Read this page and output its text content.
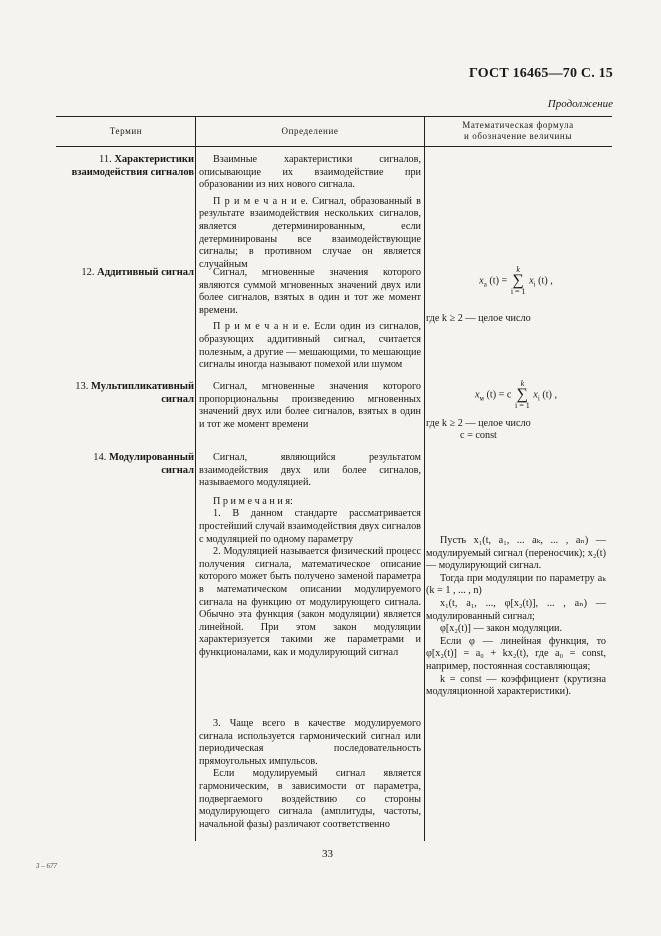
ГОСТ 16465—70 С. 15
Продолжение
Термин	Определение
Математическая формула
и обозначение величины
11. Характеристики взаимодействия сигналов

Взаимные характеристики сигналов, описывающие их взаимодействие при образовании из них нового сигнала.

П р и м е ч а н и е. Сигнал, образованный в результате взаимодействия нескольких сигналов, является детерминированным, если детерминированы все взаимодействующие сигналы; в противном случае он является случайным

12. Аддитивный сигнал	Сигнал, мгновенные значения которого являются суммой мгновенных значений двух или более сигналов, взятых в один и тот же момент времени.

П р и м е ч а н и е. Если один из сигналов, образующих аддитивный сигнал, считается полезным, а другие — мешающими, то мешающие сигналы иногда называют помехой или шумом

$x_а$ (t) =
k
∑
i = 1
$x_i$ (t) ,
где k ≥ 2 — целое число
13. Мультипликативный сигнал

Сигнал, мгновенные значения которого пропорциональны произведению мгновенных значений двух или более сигналов, взятых в один и тот же момент времени

$x_м$ (t) = c
k
∑
i = 1
$x_i$ (t) ,
где k ≥ 2 — целое число
c = const
14. Модулированный сигнал

Сигнал, являющийся результатом взаимодействия двух или более сигналов, называемого модуляцией.

П р и м е ч а н и я:

1. В данном стандарте рассматривается простейший случай взаимодействия двух сигналов с модуляцией по одному параметру

2. Модуляцией называется физический процесс получения сигнала, математическое описание которого может быть получено заменой параметра в математическом описании модулируемого сигнала на функцию от модулирующего сигнала. Обычно эта функция (закон модуляции) является линейной. При этом закон модуляции характеризуется такими же параметрами и функционалами, как и модулирующий сигнал

3. Чаще всего в качестве модулируемого сигнала используется гармонический сигнал или периодическая последовательность прямоугольных импульсов.

Если модулируемый сигнал является гармоническим, в зависимости от параметра, подвергаемого воздействию со стороны модулирующего сигнала (амплитуды, частоты, начальной фазы) различают соответственно

Пусть x₁(t, a₁, ... aₖ, ... , aₙ) — модулируемый сигнал (переносчик); x₂(t) — модулирующий сигнал.

Тогда при модуляции по параметру aₖ (k = 1 , ... , n)

x₁(t, a₁, ..., φ[x₂(t)], ... , aₙ) — модулированный сигнал;

φ[x₂(t)] — закон модуляции.

Если φ — линейная функция, то φ[x₂(t)] = a₀ + kx₂(t), где a₀ = const, например, постоянная составляющая;

k = const — коэффициент (крутизна модуляционной характеристики).

3 – 677
33
